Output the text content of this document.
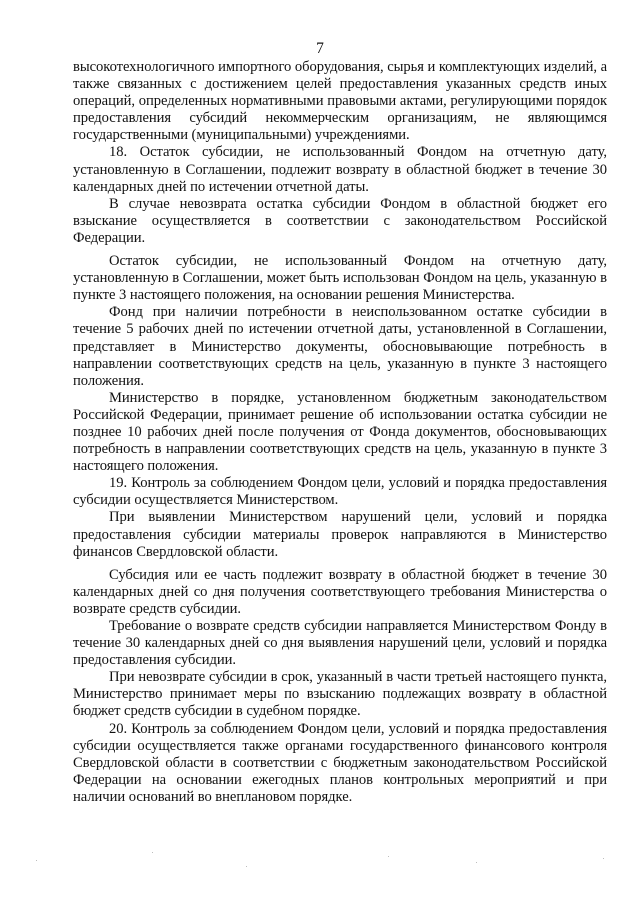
7

высокотехнологичного импортного оборудования, сырья и комплектующих изделий, а также связанных с достижением целей предоставления указанных средств иных операций, определенных нормативными правовыми актами, регулирующими порядок предоставления субсидий некоммерческим организациям, не являющимся государственными (муниципальными) учреждениями.

18. Остаток субсидии, не использованный Фондом на отчетную дату, установленную в Соглашении, подлежит возврату в областной бюджет в течение 30 календарных дней по истечении отчетной даты.

В случае невозврата остатка субсидии Фондом в областной бюджет его взыскание осуществляется в соответствии с законодательством Российской Федерации.

Остаток субсидии, не использованный Фондом на отчетную дату, установленную в Соглашении, может быть использован Фондом на цель, указанную в пункте 3 настоящего положения, на основании решения Министерства.

Фонд при наличии потребности в неиспользованном остатке субсидии в течение 5 рабочих дней по истечении отчетной даты, установленной в Соглашении, представляет в Министерство документы, обосновывающие потребность в направлении соответствующих средств на цель, указанную в пункте 3 настоящего положения.

Министерство в порядке, установленном бюджетным законодательством Российской Федерации, принимает решение об использовании остатка субсидии не позднее 10 рабочих дней после получения от Фонда документов, обосновывающих потребность в направлении соответствующих средств на цель, указанную в пункте 3 настоящего положения.

19. Контроль за соблюдением Фондом цели, условий и порядка предоставления субсидии осуществляется Министерством.

При выявлении Министерством нарушений цели, условий и порядка предоставления субсидии материалы проверок направляются в Министерство финансов Свердловской области.

Субсидия или ее часть подлежит возврату в областной бюджет в течение 30 календарных дней со дня получения соответствующего требования Министерства о возврате средств субсидии.

Требование о возврате средств субсидии направляется Министерством Фонду в течение 30 календарных дней со дня выявления нарушений цели, условий и порядка предоставления субсидии.

При невозврате субсидии в срок, указанный в части третьей настоящего пункта, Министерство принимает меры по взысканию подлежащих возврату в областной бюджет средств субсидии в судебном порядке.

20. Контроль за соблюдением Фондом цели, условий и порядка предоставления субсидии осуществляется также органами государственного финансового контроля Свердловской области в соответствии с бюджетным законодательством Российской Федерации на основании ежегодных планов контрольных мероприятий и при наличии оснований во внеплановом порядке.
